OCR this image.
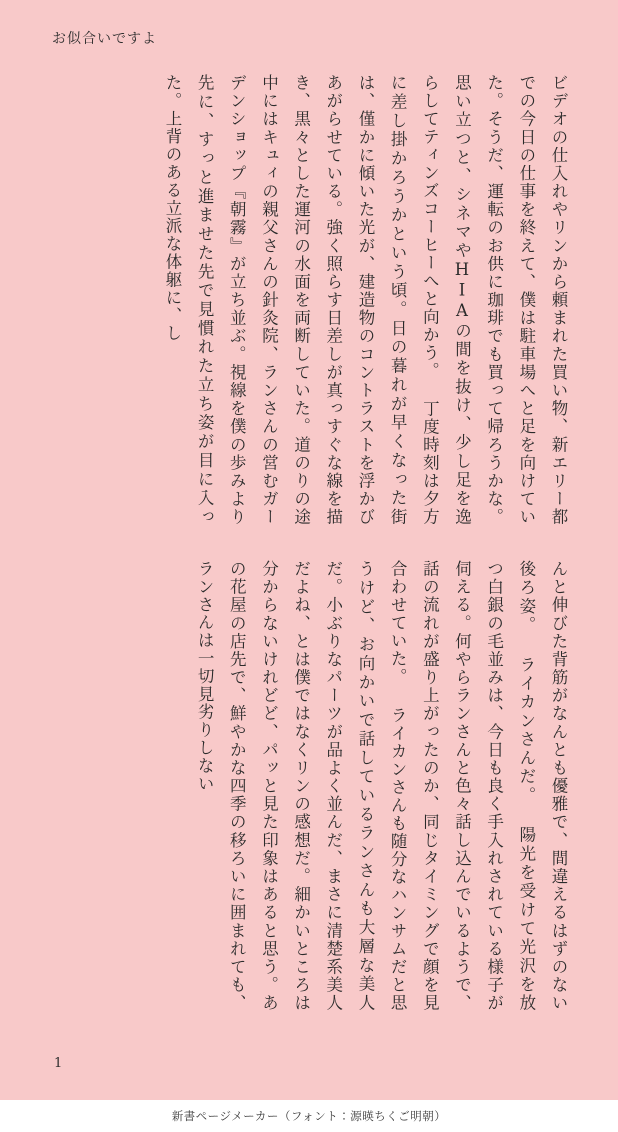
お似合いですよ
ビデオの仕入れやリンから頼まれた買い物、新エリー都での今日の仕事を終えて、僕は駐車場へと足を向けていた。そうだ、運転のお供に珈琲でも買って帰ろうかな。思い立つと、シネマやHIAの間を抜け、少し足を逸らしてティンズコーヒーへと向かう。 丁度時刻は夕方に差し掛かろうかという頃。日の暮れが早くなった街は、僅かに傾いた光が、建造物のコントラストを浮かびあがらせている。強く照らす日差しが真っすぐな線を描き、黒々とした運河の水面を両断していた。道のりの途中にはキュィの親父さんの針灸院、ランさんの営むガーデンショップ『朝霧』が立ち並ぶ。視線を僕の歩みより先に、すっと進ませた先で見慣れた立ち姿が目に入った。上背のある立派な体躯に、し
んと伸びた背筋がなんとも優雅で、間違えるはずのない後ろ姿。 ライカンさんだ。 陽光を受けて光沢を放つ白銀の毛並みは、今日も良く手入れされている様子が伺える。何やらランさんと色々話し込んでいるようで、話の流れが盛り上がったのか、同じタイミングで顔を見合わせていた。 ライカンさんも随分なハンサムだと思うけど、お向かいで話しているランさんも大層な美人だ。小ぶりなパーツが品よく並んだ、まさに清楚系美人だよね、とは僕ではなくリンの感想だ。細かいところは分からないけれどど、パッと見た印象はあると思う。あの花屋の店先で、鮮やかな四季の移ろいに囲まれても、ランさんは一切見劣りしない
1
新書ページメーカー（フォント：源暎ちくご明朝）
